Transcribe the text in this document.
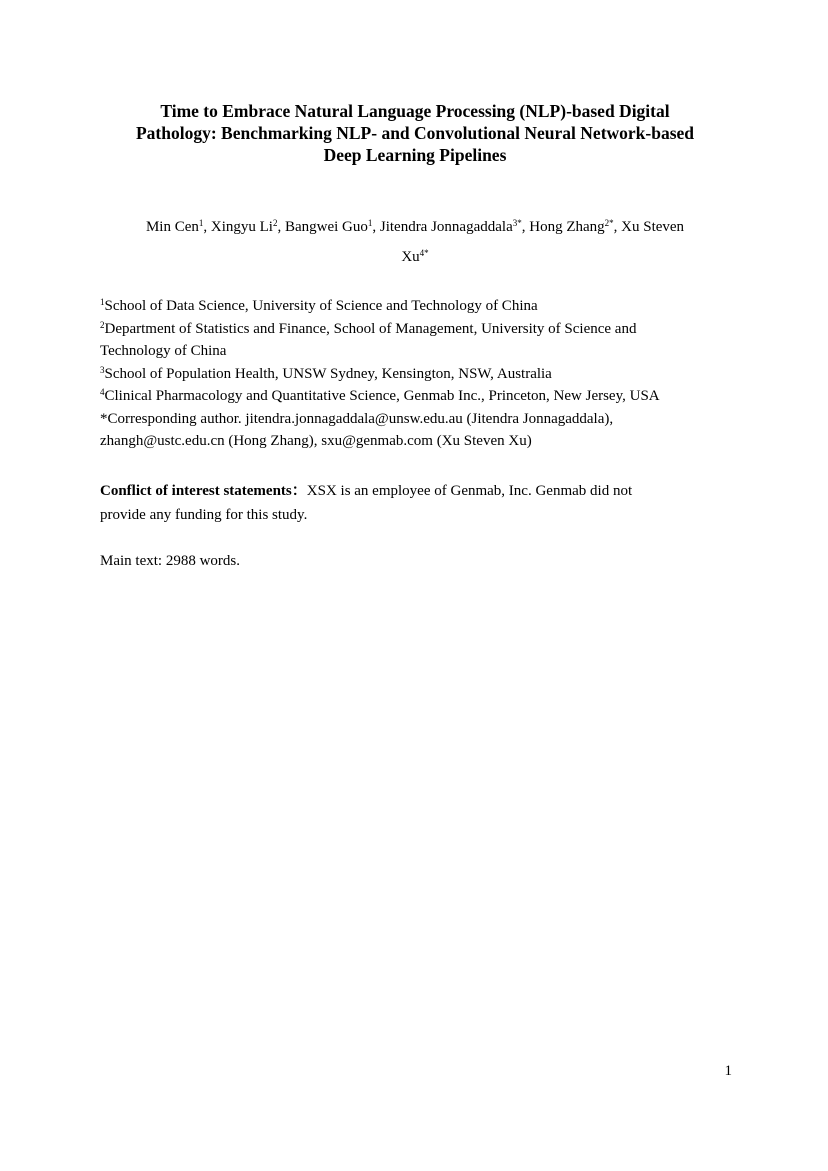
Time to Embrace Natural Language Processing (NLP)-based Digital
Pathology: Benchmarking NLP- and Convolutional Neural Network-based
Deep Learning Pipelines
Min Cen$^1$, Xingyu Li$^2$, Bangwei Guo$^1$, Jitendra Jonnagaddala$^{3*}$, Hong Zhang$^{2*}$, Xu Steven
$Xu^{4*}$
$^1$School of Data Science, University of Science and Technology of China
$^2$Department of Statistics and Finance, School of Management, University of Science and
Technology of China
$^3$School of Population Health, UNSW Sydney, Kensington, NSW, Australia
$^4$Clinical Pharmacology and Quantitative Science, Genmab Inc., Princeton, New Jersey, USA
*Corresponding author. jitendra.jonnagaddala@unsw.edu.au (Jitendra Jonnagaddala),
zhangh@ustc.edu.cn (Hong Zhang), sxu@genmab.com (Xu Steven Xu)
Conflict of interest statements：XSX is an employee of Genmab, Inc. Genmab did not
provide any funding for this study.
Main text: 2988 words.
1
